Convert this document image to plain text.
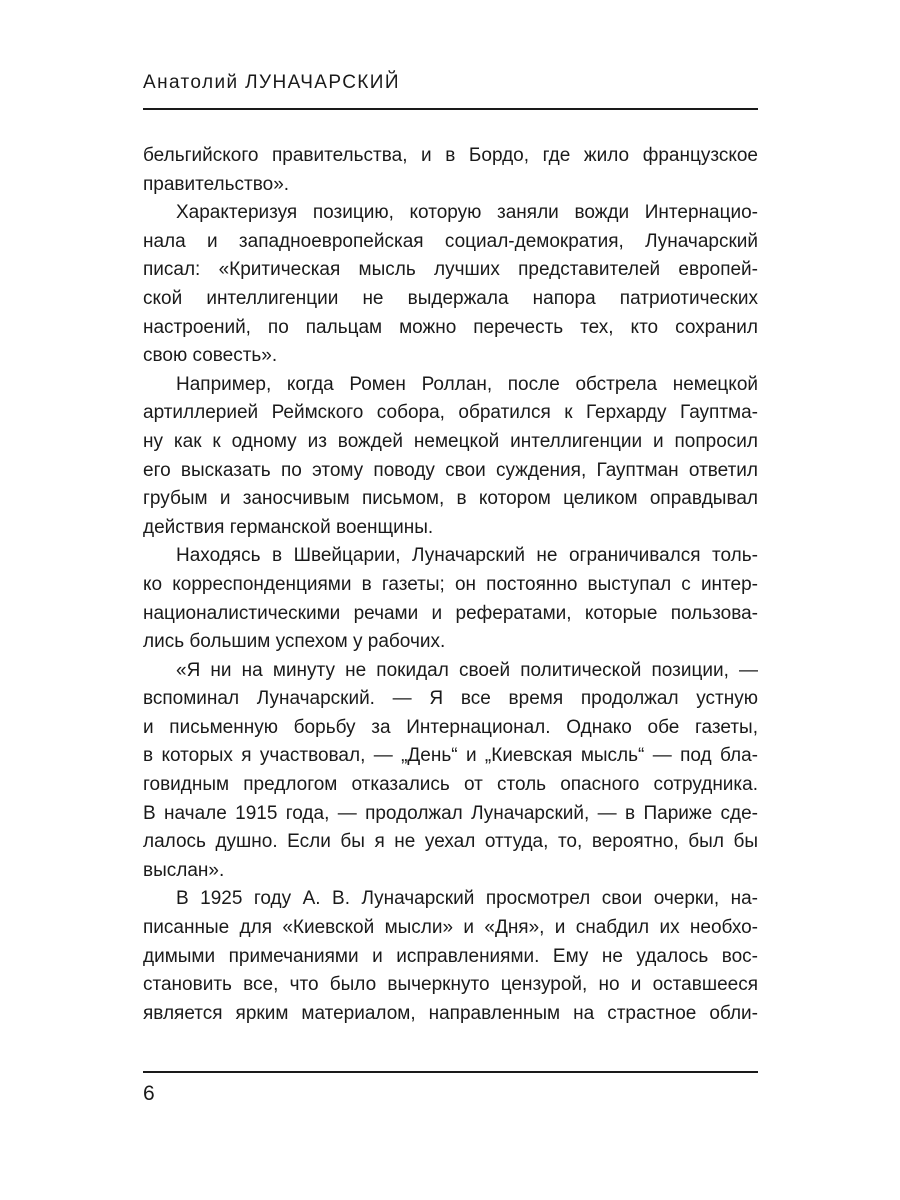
Анатолий ЛУНАЧАРСКИЙ
бельгийского правительства, и в Бордо, где жило французское
правительство».
Характеризуя позицию, которую заняли вожди Интернацио-
нала и западноевропейская социал-демократия, Луначарский
писал: «Критическая мысль лучших представителей европей-
ской интеллигенции не выдержала напора патриотических
настроений, по пальцам можно перечесть тех, кто сохранил
свою совесть».
Например, когда Ромен Роллан, после обстрела немецкой
артиллерией Реймского собора, обратился к Герхарду Гауптма-
ну как к одному из вождей немецкой интеллигенции и попросил
его высказать по этому поводу свои суждения, Гауптман ответил
грубым и заносчивым письмом, в котором целиком оправдывал
действия германской военщины.
Находясь в Швейцарии, Луначарский не ограничивался толь-
ко корреспонденциями в газеты; он постоянно выступал с интер-
националистическими речами и рефератами, которые пользова-
лись большим успехом у рабочих.
«Я ни на минуту не покидал своей политической позиции, —
вспоминал Луначарский. — Я все время продолжал устную
и письменную борьбу за Интернационал. Однако обе газеты,
в которых я участвовал, — „День“ и „Киевская мысль“ — под бла-
говидным предлогом отказались от столь опасного сотрудника.
В начале 1915 года, — продолжал Луначарский, — в Париже сде-
лалось душно. Если бы я не уехал оттуда, то, вероятно, был бы
выслан».
В 1925 году А. В. Луначарский просмотрел свои очерки, на-
писанные для «Киевской мысли» и «Дня», и снабдил их необхо-
димыми примечаниями и исправлениями. Ему не удалось вос-
становить все, что было вычеркнуто цензурой, но и оставшееся
является ярким материалом, направленным на страстное обли-
6
